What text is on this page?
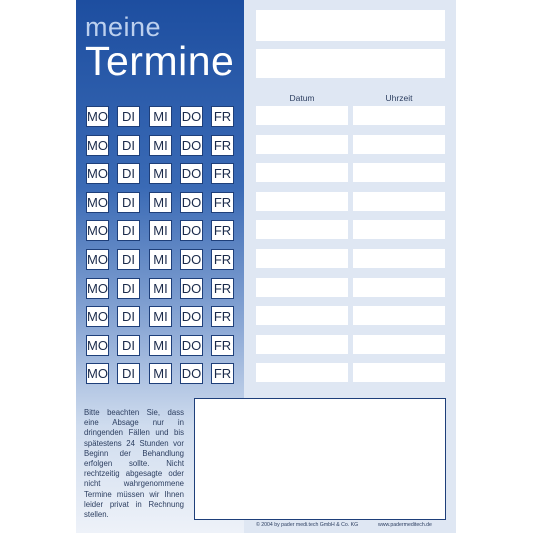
meine
Termine
MO	DI	MI	DO FR
MO	DI	MI	DO FR
MO	DI	MI	DO FR
MO	DI	MI	DO FR
MO	DI	MI	DO FR
MO	DI	MI	DO FR
MO	DI	MI	DO FR
MO	DI	MI	DO FR
MO	DI	MI	DO FR
MO	DI	MI	DO FR
Bitte beachten Sie, dass eine Absage nur in dringenden Fällen und bis spätestens 24 Stunden vor Beginn der Behandlung erfolgen sollte. Nicht rechtzeitig abgesagte oder nicht wahrgenommene Termine müssen wir Ihnen leider privat in Rechnung stellen.
Datum	Uhrzeit
© 2004 by pader medi.tech GmbH & Co. KG	www.padermeditech.de
